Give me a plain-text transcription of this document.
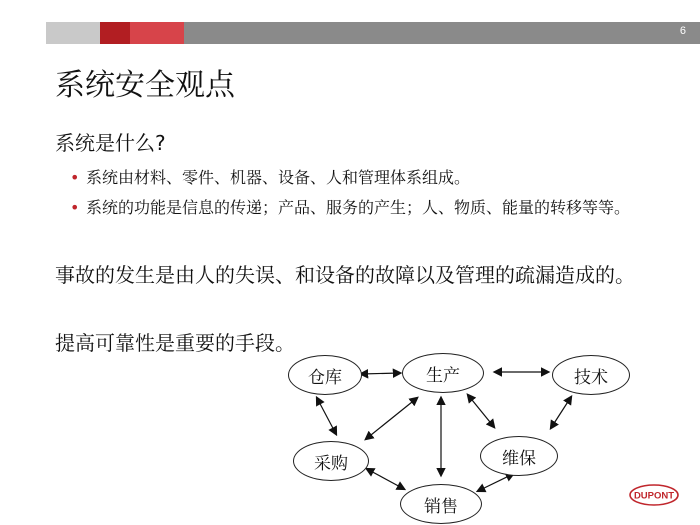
6
系统安全观点

系统是什么?

• 系统由材料、零件、机器、设备、人和管理体系组成。
• 系统的功能是信息的传递；产品、服务的产生；人、物质、能量的转移等等。

事故的发生是由人的失误、和设备的故障以及管理的疏漏造成的。

提高可靠性是重要的手段。

仓库	生产	技术
采购	维保
销售
DUPONT
